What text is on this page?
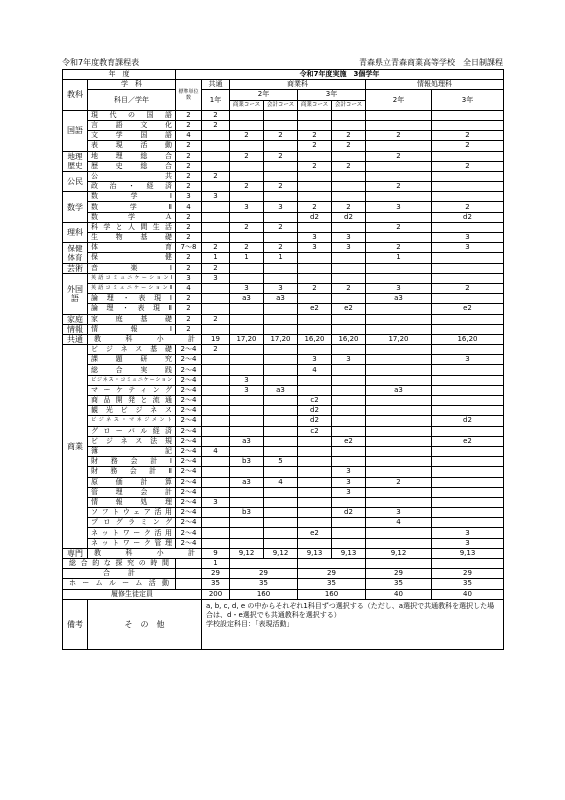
令和7年度教育課程表	青森県立青森商業高等学校　全日制課程
年　度		令和7年度実施　3個学年							
教科	学　科	標準単位数	共通	商業科				情報処理科	
	科目／学年		1年	2年		3年		2年	3年
				商業コース	会計コース	商業コース	会計コース		
国語	現代の国語	2	2						
	言語文化	2	2						
	文学国語	4		2	2	2	2	2	2
	表現活動	2				2	2		2
地理歴史	地理総合	2		2	2			2	
	歴史総合	2				2	2		2
公民	公共	2	2						
	政治・経済	2		2	2			2	
数学	数学Ⅰ	3	3						
	数学Ⅱ	4		3	3	2	2	3	2
	数学Ａ	2				d2	d2		d2
理科	科学と人間生活	2		2	2			2	
	生物基礎	2				3	3		3
保健体育	体育	7～8	2	2	2	3	3	2	3
	保健	2	1	1	1			1	
芸術	音楽Ⅰ	2	2						
外国語	英語コミュニケーションⅠ	3	3						
	英語コミュニケーションⅡ	4		3	3	2	2	3	2
	論理・表現Ⅰ	2		a3	a3			a3	
	論理・表現Ⅱ	2				e2	e2		e2
家庭	家庭基礎	2	2						
情報	情報Ⅰ	2							
共通	教科小計		19	17,20	17,20	16,20	16,20	17,20	16,20
商業	ビジネス基礎	2～4	2						
	課題研究	2～4				3	3		3
	総合実践	2～4				4			
	ビジネス・コミュニケーション	2～4		3					
	マーケティング	2～4		3	a3			a3	
	商品開発と流通	2～4				c2			
	観光ビジネス	2～4				d2			
	ビジネス・マネジメント	2～4				d2			d2
	グローバル経済	2～4				c2			
	ビジネス法規	2～4		a3			e2		e2
	簿記	2～4	4						
	財務会計Ⅰ	2～4		b3	5				
	財務会計Ⅱ	2～4					3		
	原価計算	2～4		a3	4		3	2	
	管理会計	2～4					3		
	情報処理	2～4	3						
	ソフトウェア活用	2～4		b3			d2	3	
	プログラミング	2～4						4	
	ネットワーク活用	2～4				e2			3
	ネットワーク管理	2～4							3
専門	教科小計		9	9,12	9,12	9,13	9,13	9,12	9,13
総合的な探究の時間			1						
合計			29	29		29		29	29
ホームルーム活動			35	35		35		35	35
履修生徒定員			200	160		160		40	40
備考	そ　の　他		a, b, c, d, e の中からそれぞれ1科目ずつ選択する（ただし、a選択で共通教科を選択した場合は、d・e選択でも共通教科を選択する）
学校設定科目：「表現活動」						
